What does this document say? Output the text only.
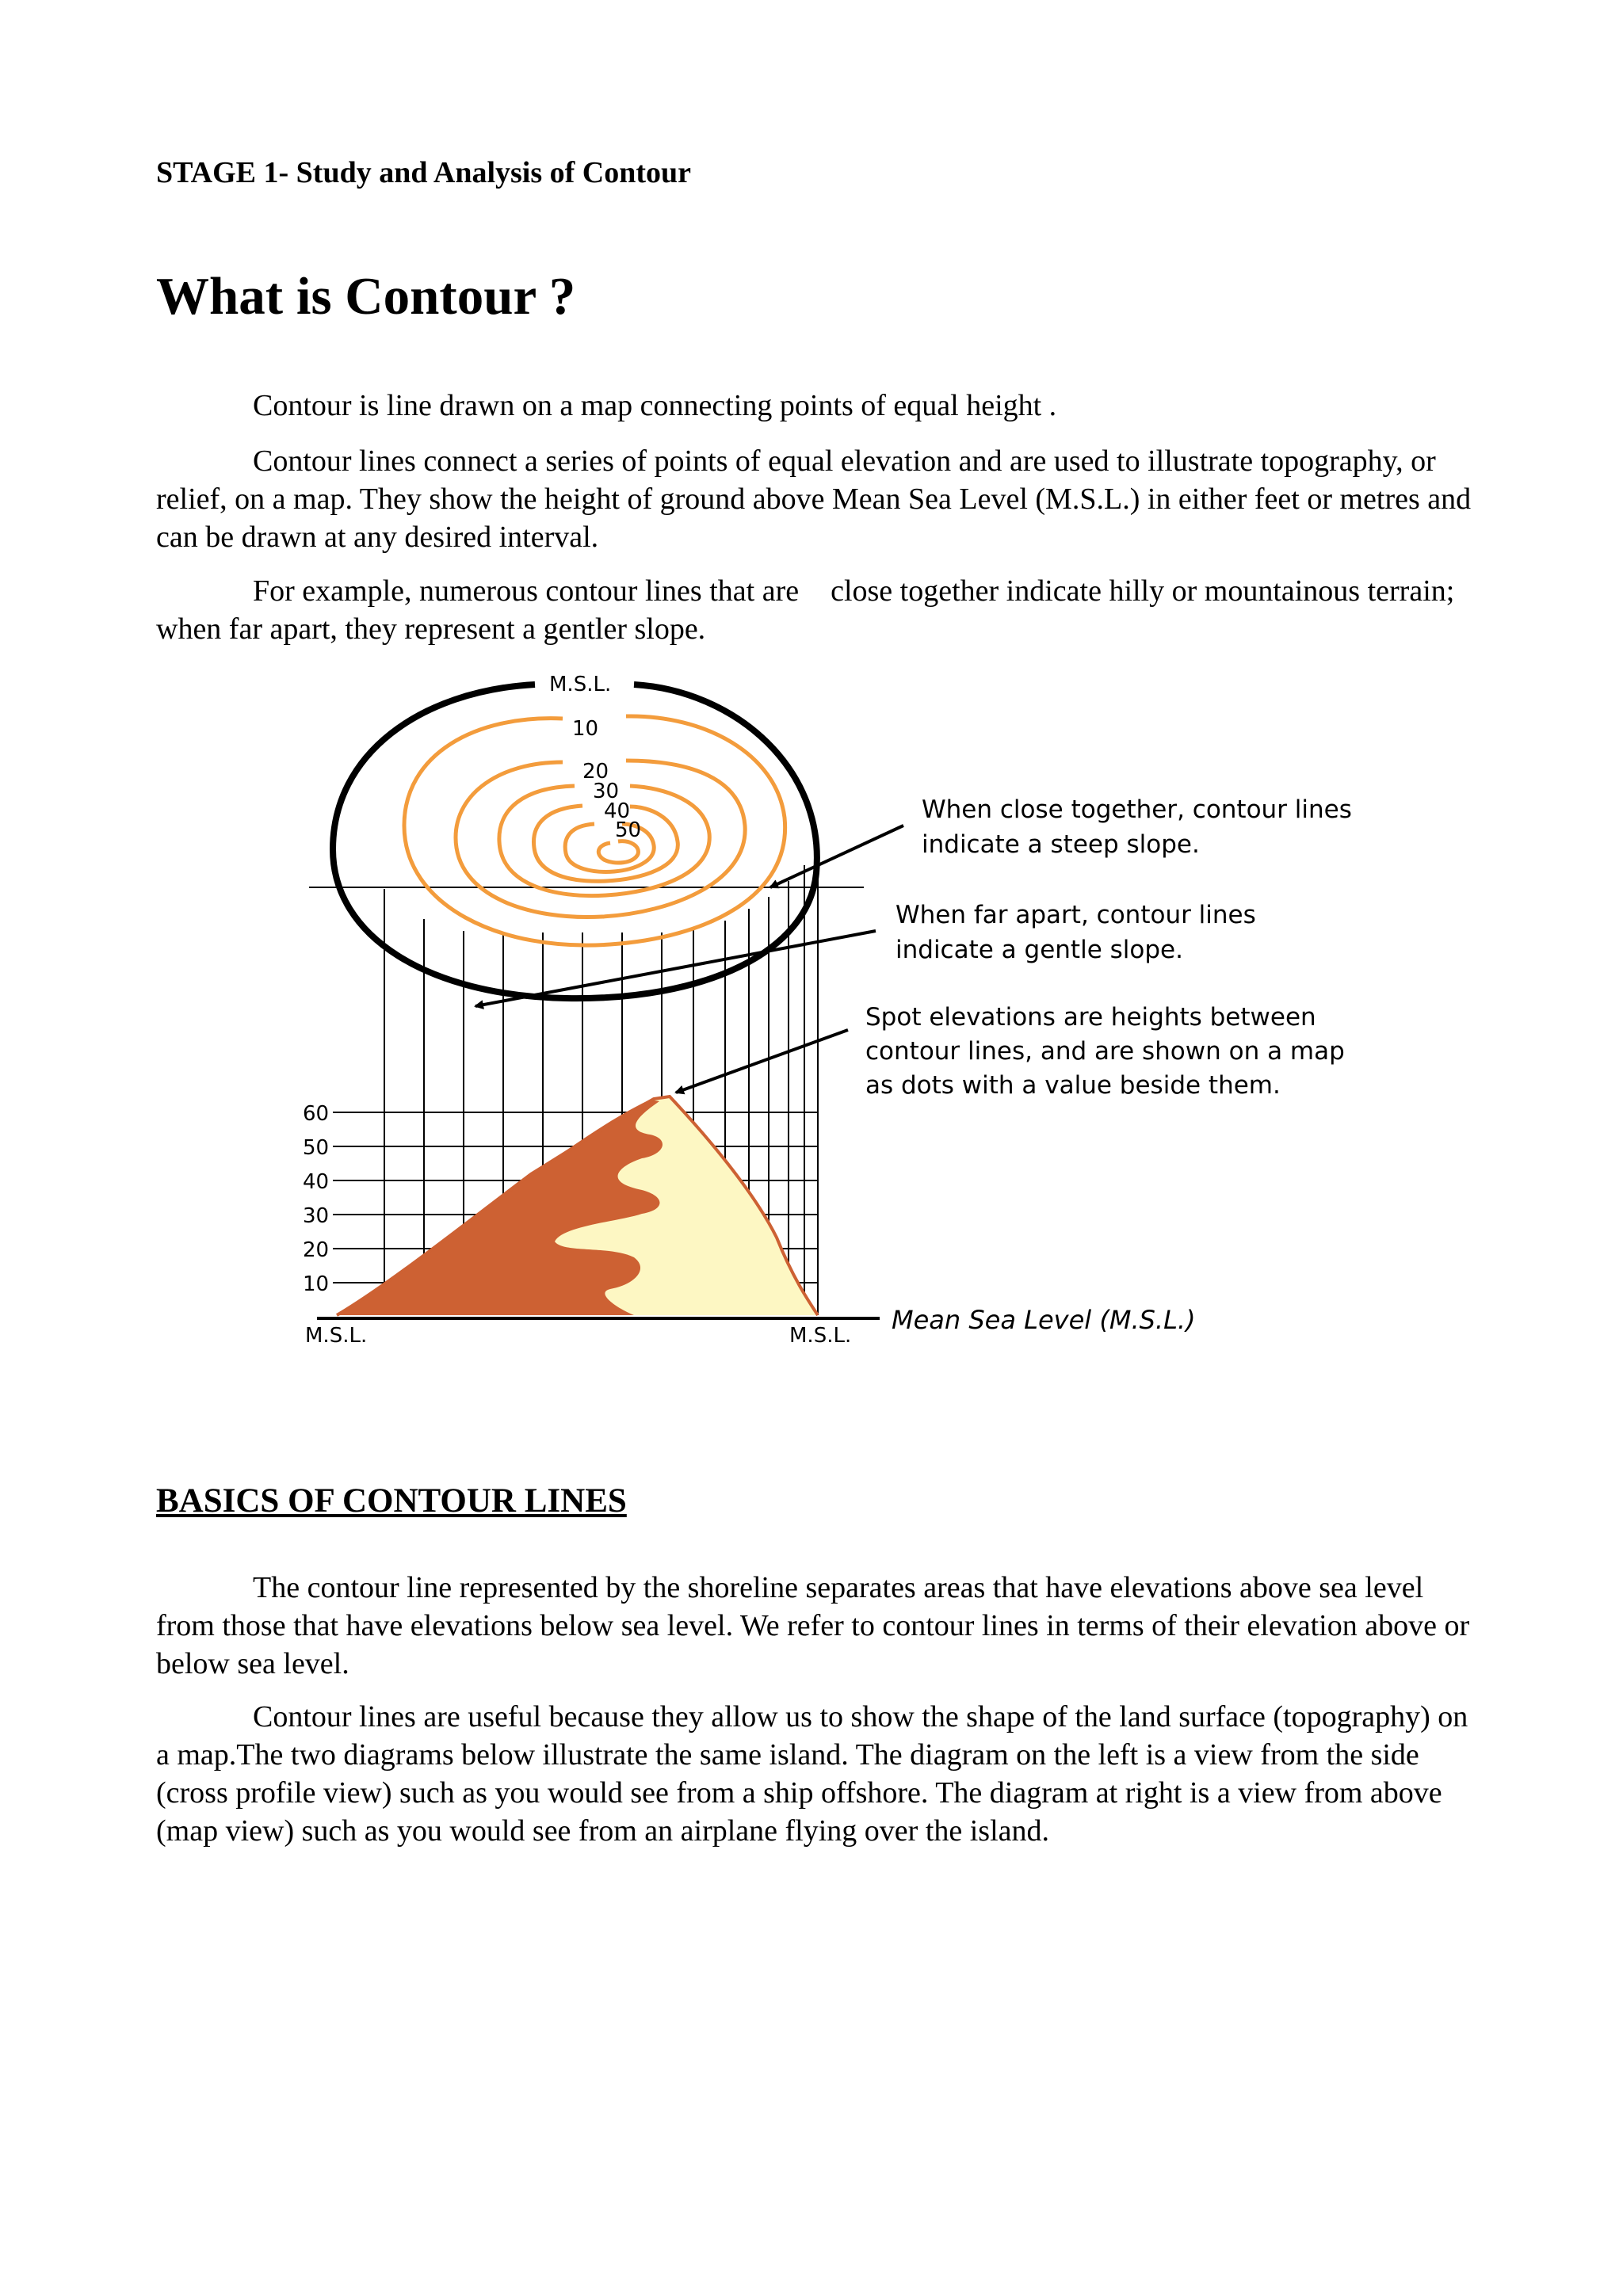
STAGE 1- Study and Analysis of Contour
What is Contour ?

Contour is line drawn on a map connecting points of equal height .

Contour lines connect a series of points of equal elevation and are used to illustrate topography, or relief, on a map. They show the height of ground above Mean Sea Level (M.S.L.) in either feet or metres and can be drawn at any desired interval.

For example, numerous contour lines that are close together indicate hilly or mountainous terrain; when far apart, they represent a gentler slope.

M.S.L.
10
20
30
40
50
60
50
40
30
20
10
M.S.L.	M.S.L.
Mean Sea Level (M.S.L.)
When close together, contour lines
indicate a steep slope.
When far apart, contour lines
indicate a gentle slope.
Spot elevations are heights between
contour lines, and are shown on a map
as dots with a value beside them.
BASICS OF CONTOUR LINES

The contour line represented by the shoreline separates areas that have elevations above sea level from those that have elevations below sea level. We refer to contour lines in terms of their elevation above or below sea level.

Contour lines are useful because they allow us to show the shape of the land surface (topography) on a map.The two diagrams below illustrate the same island. The diagram on the left is a view from the side (cross profile view) such as you would see from a ship offshore. The diagram at right is a view from above (map view) such as you would see from an airplane flying over the island.
